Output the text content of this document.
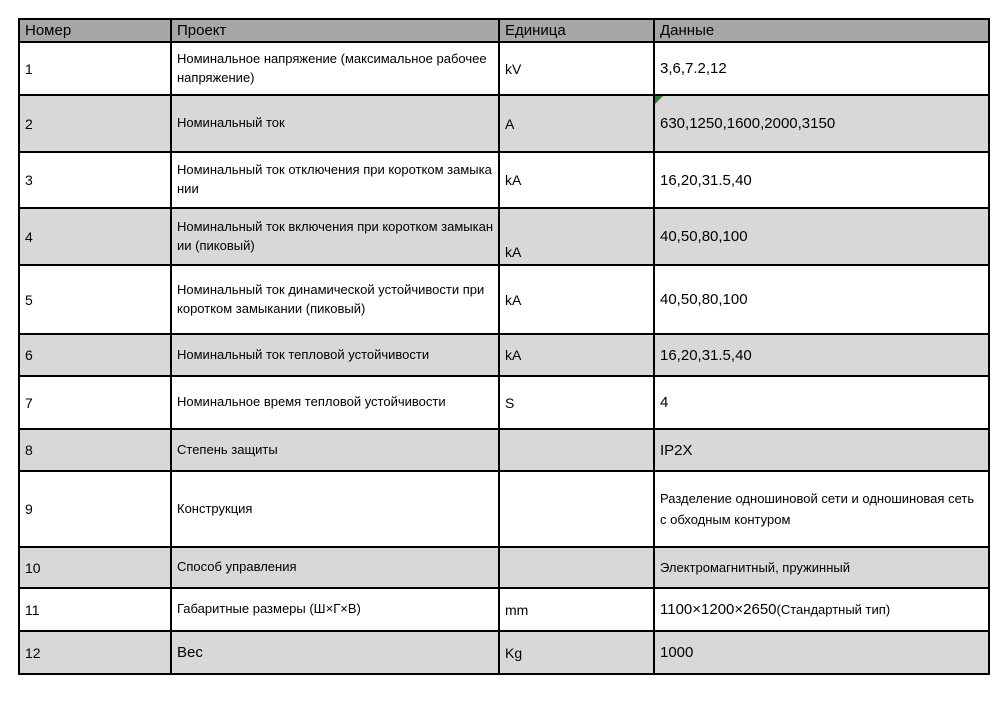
Номер	Проект	Единица	Данные
1	Номинальное напряжение (максимальное рабочее напряжение)	kV	3,6,7.2,12
2	Номинальный ток	A	630,1250,1600,2000,3150
3	Номинальный ток отключения при коротком замыкании	kA	16,20,31.5,40
4	Номинальный ток включения при коротком замыкании (пиковый)	kA	40,50,80,100
5	Номинальный ток динамической устойчивости при коротком замыкании (пиковый)	kA	40,50,80,100
6	Номинальный ток тепловой устойчивости	kA	16,20,31.5,40
7	Номинальное время тепловой устойчивости	S	4
8	Степень защиты		IP2X
9	Конструкция		Разделение одношиновой сети и одношиновая сеть с обходным контуром
10	Способ управления		Электромагнитный, пружинный
11	Габаритные размеры (Ш×Г×В)	mm	1100×1200×2650(Стандартный тип)
12	Вес	Kg	1000
